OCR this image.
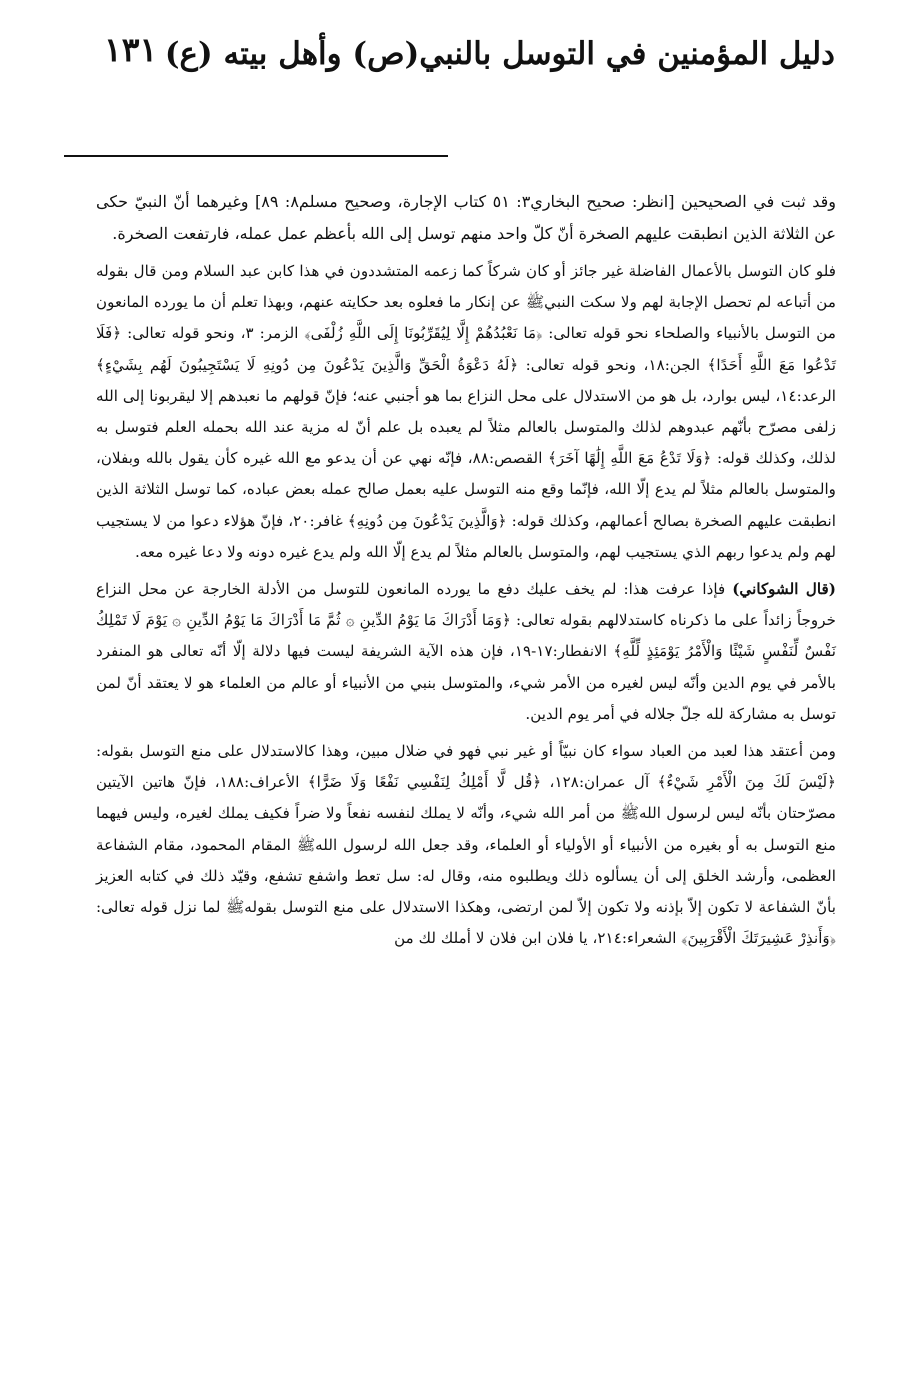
دليل المؤمنين في التوسل بالنبي(ص) وأهل بيته (ع)
١٣١

وقد ثبت في الصحيحين [انظر: صحيح البخاري٣: ٥١ كتاب الإجارة، وصحيح مسلم٨: ٨٩] وغيرهما أنّ النبيّ حكى عن الثلاثة الذين انطبقت عليهم الصخرة أنّ كلّ واحد منهم توسل إلى الله بأعظم عمل عمله، فارتفعت الصخرة.

فلو كان التوسل بالأعمال الفاضلة غير جائز أو كان شركاً كما زعمه المتشددون في هذا كابن عبد السلام ومن قال بقوله من أتباعه لم تحصل الإجابة لهم ولا سكت النبيﷺ عن إنكار ما فعلوه بعد حكايته عنهم، وبهذا تعلم أن ما يورده المانعون من التوسل بالأنبياء والصلحاء نحو قوله تعالى: ﴿مَا نَعْبُدُهُمْ إِلَّا لِيُقَرِّبُونَا إِلَى اللَّهِ زُلْفَى﴾ الزمر: ٣، ونحو قوله تعالى: ﴿فَلَا تَدْعُوا مَعَ اللَّهِ أَحَدًا﴾ الجن:١٨، ونحو قوله تعالى: ﴿لَهُ دَعْوَةُ الْحَقِّ وَالَّذِينَ يَدْعُونَ مِن دُونِهِ لَا يَسْتَجِيبُونَ لَهُم بِشَيْءٍ﴾ الرعد:١٤، ليس بوارد، بل هو من الاستدلال على محل النزاع بما هو أجنبي عنه؛ فإنّ قولهم ما نعبدهم إلا ليقربونا إلى الله زلفى مصرّح بأنّهم عبدوهم لذلك والمتوسل بالعالم مثلاً لم يعبده بل علم أنّ له مزية عند الله بحمله العلم فتوسل به لذلك، وكذلك قوله: ﴿وَلَا تَدْعُ مَعَ اللَّهِ إِلَٰهًا آخَرَ﴾ القصص:٨٨، فإنّه نهي عن أن يدعو مع الله غيره كأن يقول بالله وبفلان، والمتوسل بالعالم مثلاً لم يدع إلّا الله، فإنّما وقع منه التوسل عليه بعمل صالح عمله بعض عباده، كما توسل الثلاثة الذين انطبقت عليهم الصخرة بصالح أعمالهم، وكذلك قوله: ﴿وَالَّذِينَ يَدْعُونَ مِن دُونِهِ﴾ غافر:٢٠، فإنّ هؤلاء دعوا من لا يستجيب لهم ولم يدعوا ربهم الذي يستجيب لهم، والمتوسل بالعالم مثلاً لم يدع إلّا الله ولم يدع غيره دونه ولا دعا غيره معه.

(قال الشوكاني) فإذا عرفت هذا: لم يخف عليك دفع ما يورده المانعون للتوسل من الأدلة الخارجة عن محل النزاع خروجاً زائداً على ما ذكرناه كاستدلالهم بقوله تعالى: ﴿وَمَا أَدْرَاكَ مَا يَوْمُ الدِّينِ ۞ ثُمَّ مَا أَدْرَاكَ مَا يَوْمُ الدِّينِ ۞ يَوْمَ لَا تَمْلِكُ نَفْسٌ لِّنَفْسٍ شَيْئًا وَالْأَمْرُ يَوْمَئِذٍ لِّلَّهِ﴾ الانفطار:١٧-١٩، فإن هذه الآية الشريفة ليست فيها دلالة إلّا أنّه تعالى هو المنفرد بالأمر في يوم الدين وأنّه ليس لغيره من الأمر شيء، والمتوسل بنبي من الأنبياء أو عالم من العلماء هو لا يعتقد أنّ لمن توسل به مشاركة لله جلّ جلاله في أمر يوم الدين.

ومن أعتقد هذا لعبد من العباد سواء كان نبيّاً أو غير نبي فهو في ضلال مبين، وهذا كالاستدلال على منع التوسل بقوله: ﴿لَيْسَ لَكَ مِنَ الْأَمْرِ شَيْءٌ﴾ آل عمران:١٢٨، ﴿قُل لَّا أَمْلِكُ لِنَفْسِي نَفْعًا وَلَا ضَرًّا﴾ الأعراف:١٨٨، فإنّ هاتين الآيتين مصرّحتان بأنّه ليس لرسول اللهﷺ من أمر الله شيء، وأنّه لا يملك لنفسه نفعاً ولا ضراً فكيف يملك لغيره، وليس فيهما منع التوسل به أو بغيره من الأنبياء أو الأولياء أو العلماء، وقد جعل الله لرسول اللهﷺ المقام المحمود، مقام الشفاعة العظمى، وأرشد الخلق إلى أن يسألوه ذلك ويطلبوه منه، وقال له: سل تعط واشفع تشفع، وقيّد ذلك في كتابه العزيز بأنّ الشفاعة لا تكون إلاّ بإذنه ولا تكون إلاّ لمن ارتضى، وهكذا الاستدلال على منع التوسل بقولهﷺ لما نزل قوله تعالى: ﴿وَأَنذِرْ عَشِيرَتَكَ الْأَقْرَبِينَ﴾ الشعراء:٢١٤، يا فلان ابن فلان لا أملك لك من
